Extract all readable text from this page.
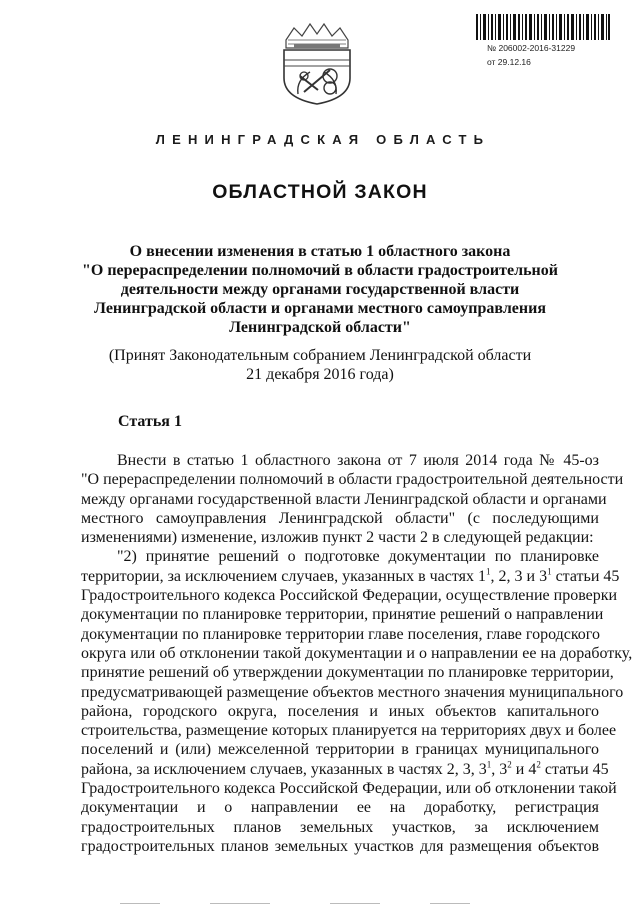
№ 206002-2016-31229
от 29.12.16
ЛЕНИНГРАДСКАЯ ОБЛАСТЬ
ОБЛАСТНОЙ ЗАКОН
О внесении изменения в статью 1 областного закона
"О перераспределении полномочий в области градостроительной
деятельности между органами государственной власти
Ленинградской области и органами местного самоуправления
Ленинградской области"
(Принят Законодательным собранием Ленинградской области
21 декабря 2016 года)
Статья 1
Внести в статью 1 областного закона от 7 июля 2014 года № 45-оз
"О перераспределении полномочий в области градостроительной деятельности
между органами государственной власти Ленинградской области и органами
местного самоуправления Ленинградской области" (с последующими
изменениями) изменение, изложив пункт 2 части 2 в следующей редакции:
"2) принятие решений о подготовке документации по планировке
территории, за исключением случаев, указанных в частях $1^1$, 2, 3 и $3^1$ статьи 45
Градостроительного кодекса Российской Федерации, осуществление проверки
документации по планировке территории, принятие решений о направлении
документации по планировке территории главе поселения, главе городского
округа или об отклонении такой документации и о направлении ее на доработку,
принятие решений об утверждении документации по планировке территории,
предусматривающей размещение объектов местного значения муниципального
района, городского округа, поселения и иных объектов капитального
строительства, размещение которых планируется на территориях двух и более
поселений и (или) межселенной территории в границах муниципального
района, за исключением случаев, указанных в частях 2, 3, $3^1$, $3^2$ и $4^2$ статьи 45
Градостроительного кодекса Российской Федерации, или об отклонении такой
документации и о направлении ее на доработку, регистрация
градостроительных планов земельных участков, за исключением
градостроительных планов земельных участков для размещения объектов
